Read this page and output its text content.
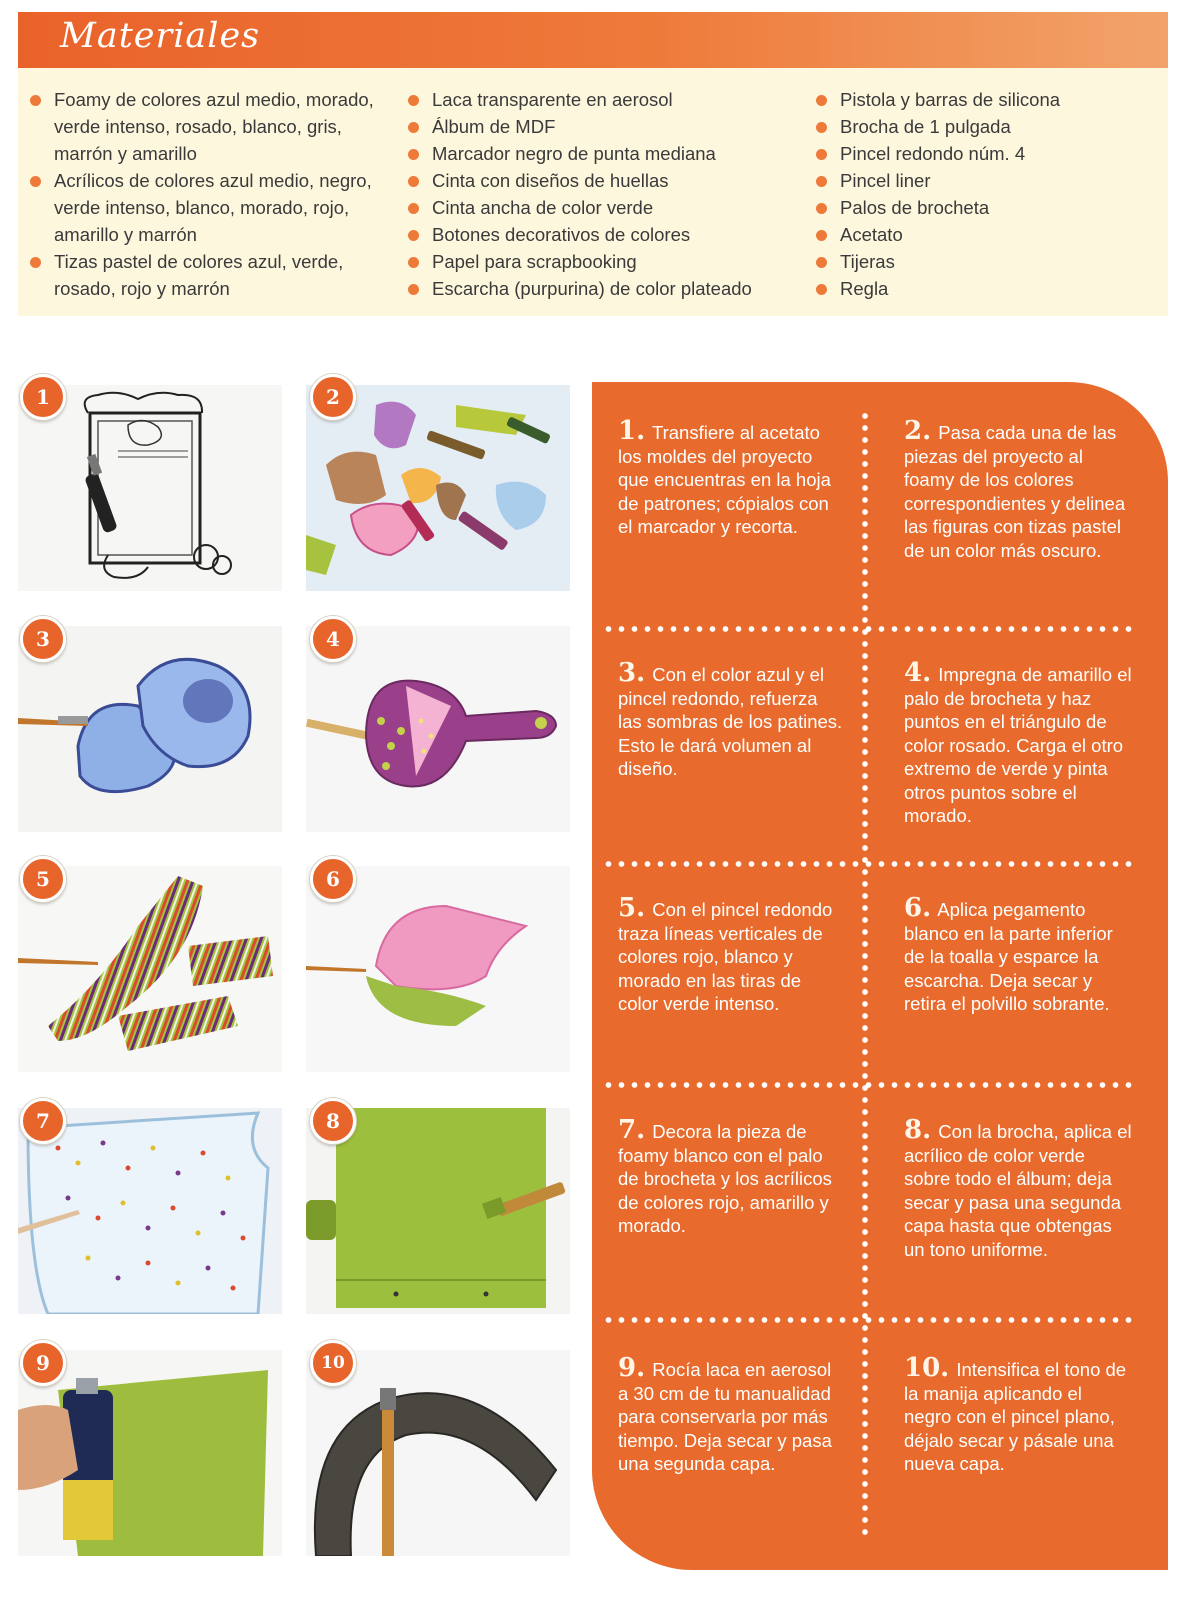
Materiales
Foamy de colores azul medio, morado, verde intenso, rosado, blanco, gris, marrón y amarillo
Acrílicos de colores azul medio, negro, verde intenso, blanco, morado, rojo, amarillo y marrón
Tizas pastel de colores azul, verde, rosado, rojo y marrón
Laca transparente en aerosol
Álbum de MDF
Marcador negro de punta mediana
Cinta con diseños de huellas
Cinta ancha de color verde
Botones decorativos de colores
Papel para scrapbooking
Escarcha (purpurina) de color plateado
Pistola y barras de silicona
Brocha de 1 pulgada
Pincel redondo núm. 4
Pincel liner
Palos de brocheta
Acetato
Tijeras
Regla
1	2
3	4
5	6
7	8
9	10
1. Transfiere al acetato los moldes del proyecto que encuentras en la hoja de patrones; cópialos con el marcador y recorta.
2. Pasa cada una de las piezas del proyecto al foamy de los colores correspondientes y delinea las figuras con tizas pastel de un color más oscuro.
3. Con el color azul y el pincel redondo, refuerza las sombras de los patines. Esto le dará volumen al diseño.
4. Impregna de amarillo el palo de brocheta y haz puntos en el triángulo de color rosado. Carga el otro extremo de verde y pinta otros puntos sobre el morado.
5. Con el pincel redondo traza líneas verticales de colores rojo, blanco y morado en las tiras de color verde intenso.
6. Aplica pegamento blanco en la parte inferior de la toalla y esparce la escarcha. Deja secar y retira el polvillo sobrante.
7. Decora la pieza de foamy blanco con el palo de brocheta y los acrílicos de colores rojo, amarillo y morado.
8. Con la brocha, aplica el acrílico de color verde sobre todo el álbum; deja secar y pasa una segunda capa hasta que obtengas un tono uniforme.
9. Rocía laca en aerosol a 30 cm de tu manualidad para conservarla por más tiempo. Deja secar y pasa una segunda capa.
10. Intensifica el tono de la manija aplicando el negro con el pincel plano, déjalo secar y pásale una nueva capa.
